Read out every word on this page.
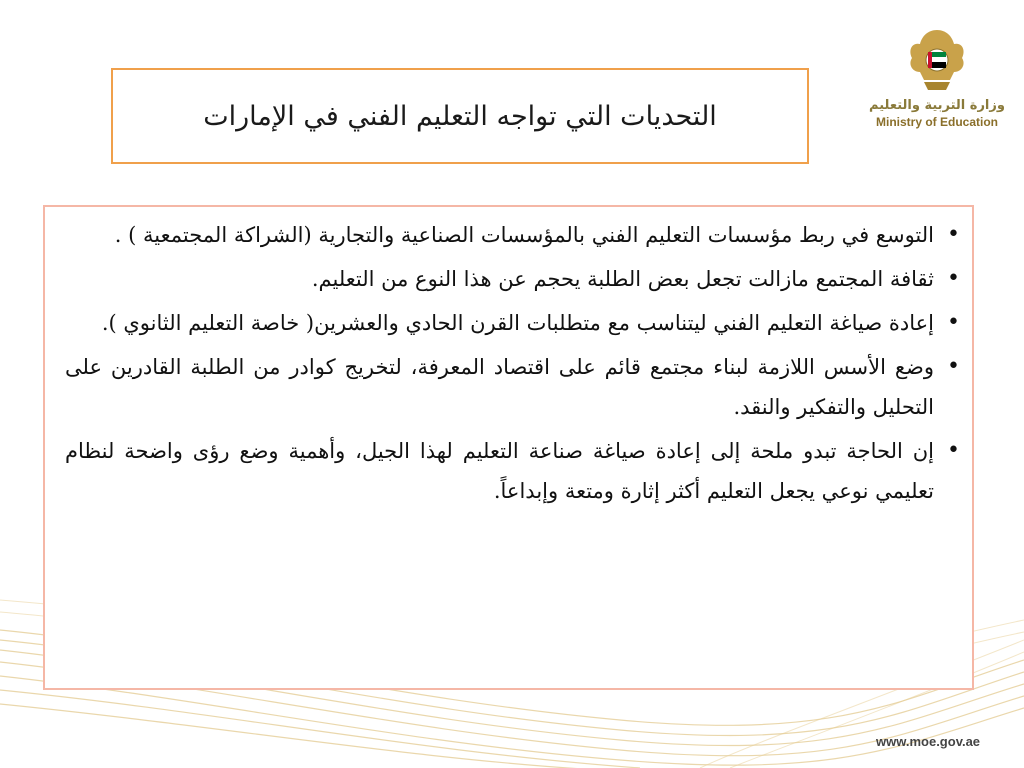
وزارة التربية والتعليم
Ministry of Education
التحديات التي تواجه التعليم الفني في الإمارات
• التوسع في ربط مؤسسات التعليم الفني بالمؤسسات الصناعية والتجارية (الشراكة المجتمعية ) .
• ثقافة المجتمع مازالت تجعل بعض الطلبة يحجم عن هذا النوع من التعليم.
• إعادة صياغة التعليم الفني ليتناسب مع متطلبات القرن الحادي والعشرين( خاصة التعليم الثانوي ).
• وضع الأسس اللازمة لبناء مجتمع قائم على اقتصاد المعرفة، لتخريج كوادر من الطلبة القادرين على التحليل والتفكير والنقد.
• إن الحاجة تبدو ملحة إلى إعادة صياغة صناعة التعليم لهذا الجيل، وأهمية وضع رؤى واضحة لنظام تعليمي نوعي يجعل التعليم أكثر إثارة ومتعة وإبداعاً.
www.moe.gov.ae
